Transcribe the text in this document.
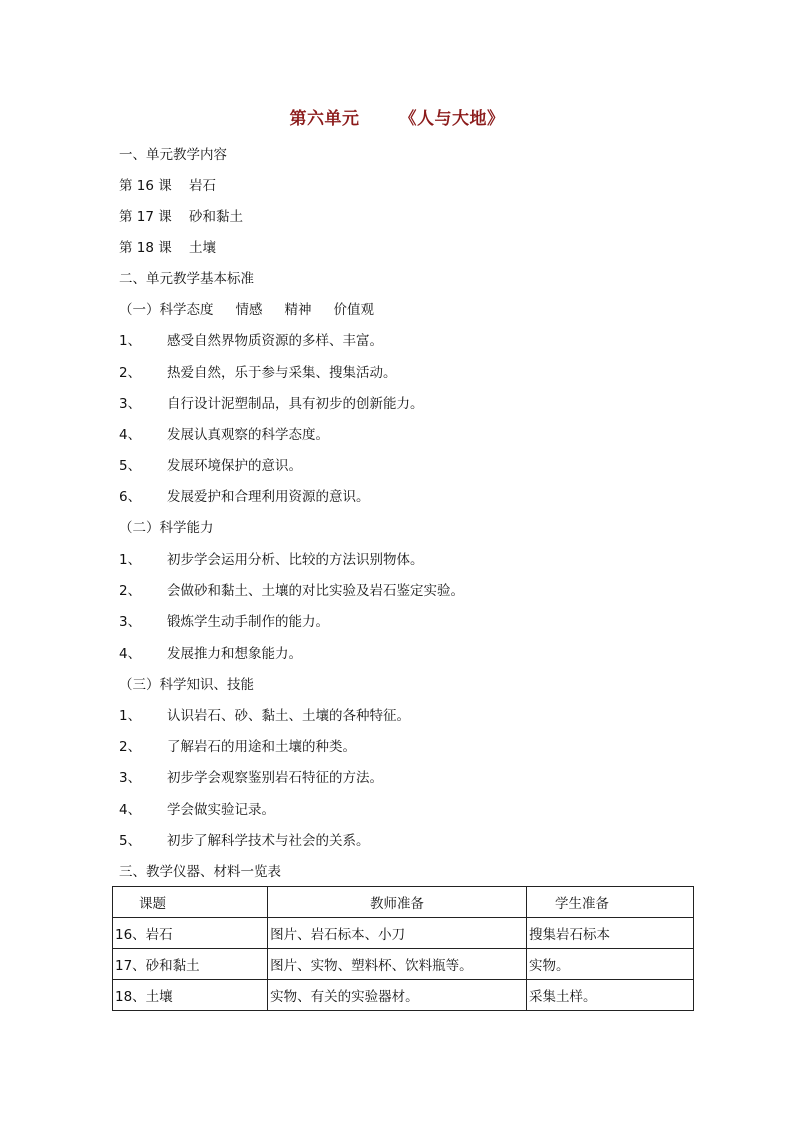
第六单元 《人与大地》
一、单元教学内容
第 16 课 岩石
第 17 课 砂和黏土
第 18 课 土壤
二、单元教学基本标准
（一）科学态度 情感 精神 价值观
1、 感受自然界物质资源的多样、丰富。
2、 热爱自然，乐于参与采集、搜集活动。
3、 自行设计泥塑制品，具有初步的创新能力。
4、 发展认真观察的科学态度。
5、 发展环境保护的意识。
6、 发展爱护和合理利用资源的意识。
（二）科学能力
1、 初步学会运用分析、比较的方法识别物体。
2、 会做砂和黏土、土壤的对比实验及岩石鉴定实验。
3、 锻炼学生动手制作的能力。
4、 发展推力和想象能力。
（三）科学知识、技能
1、 认识岩石、砂、黏土、土壤的各种特征。
2、 了解岩石的用途和土壤的种类。
3、 初步学会观察鉴别岩石特征的方法。
4、 学会做实验记录。
5、 初步了解科学技术与社会的关系。
三、教学仪器、材料一览表
课题	教师准备	学生准备
16、岩石	图片、岩石标本、小刀	搜集岩石标本
17、砂和黏土	图片、实物、塑料杯、饮料瓶等。	实物。
18、土壤	实物、有关的实验器材。	采集土样。
